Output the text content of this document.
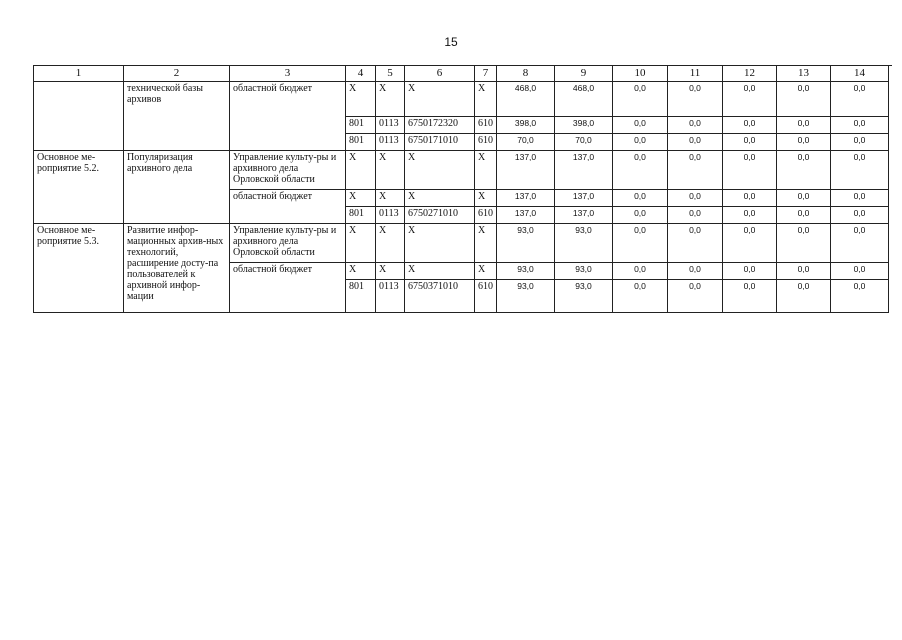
15
1	2	3	4	5	6	7	8	9	10	11	12	13	14
	технической базы архивов	областной бюджет	Х	Х	Х	Х	468,0	468,0	0,0	0,0	0,0	0,0	0,0
			801	0113	6750172320	610	398,0	398,0	0,0	0,0	0,0	0,0	0,0
			801	0113	6750171010	610	70,0	70,0	0,0	0,0	0,0	0,0	0,0
Основное ме-роприятие 5.2.	Популяризация архивного дела	Управление культу-ры и архивного дела Орловской области	Х	Х	Х	Х	137,0	137,0	0,0	0,0	0,0	0,0	0,0
		областной бюджет	Х	Х	Х	Х	137,0	137,0	0,0	0,0	0,0	0,0	0,0
			801	0113	6750271010	610	137,0	137,0	0,0	0,0	0,0	0,0	0,0
Основное ме-роприятие 5.3.	Развитие инфор-мационных архив-ных технологий, расширение досту-па пользователей к архивной инфор-мации	Управление культу-ры и архивного дела Орловской области	Х	Х	Х	Х	93,0	93,0	0,0	0,0	0,0	0,0	0,0
		областной бюджет	Х	Х	Х	Х	93,0	93,0	0,0	0,0	0,0	0,0	0,0
			801	0113	6750371010	610	93,0	93,0	0,0	0,0	0,0	0,0	0,0
